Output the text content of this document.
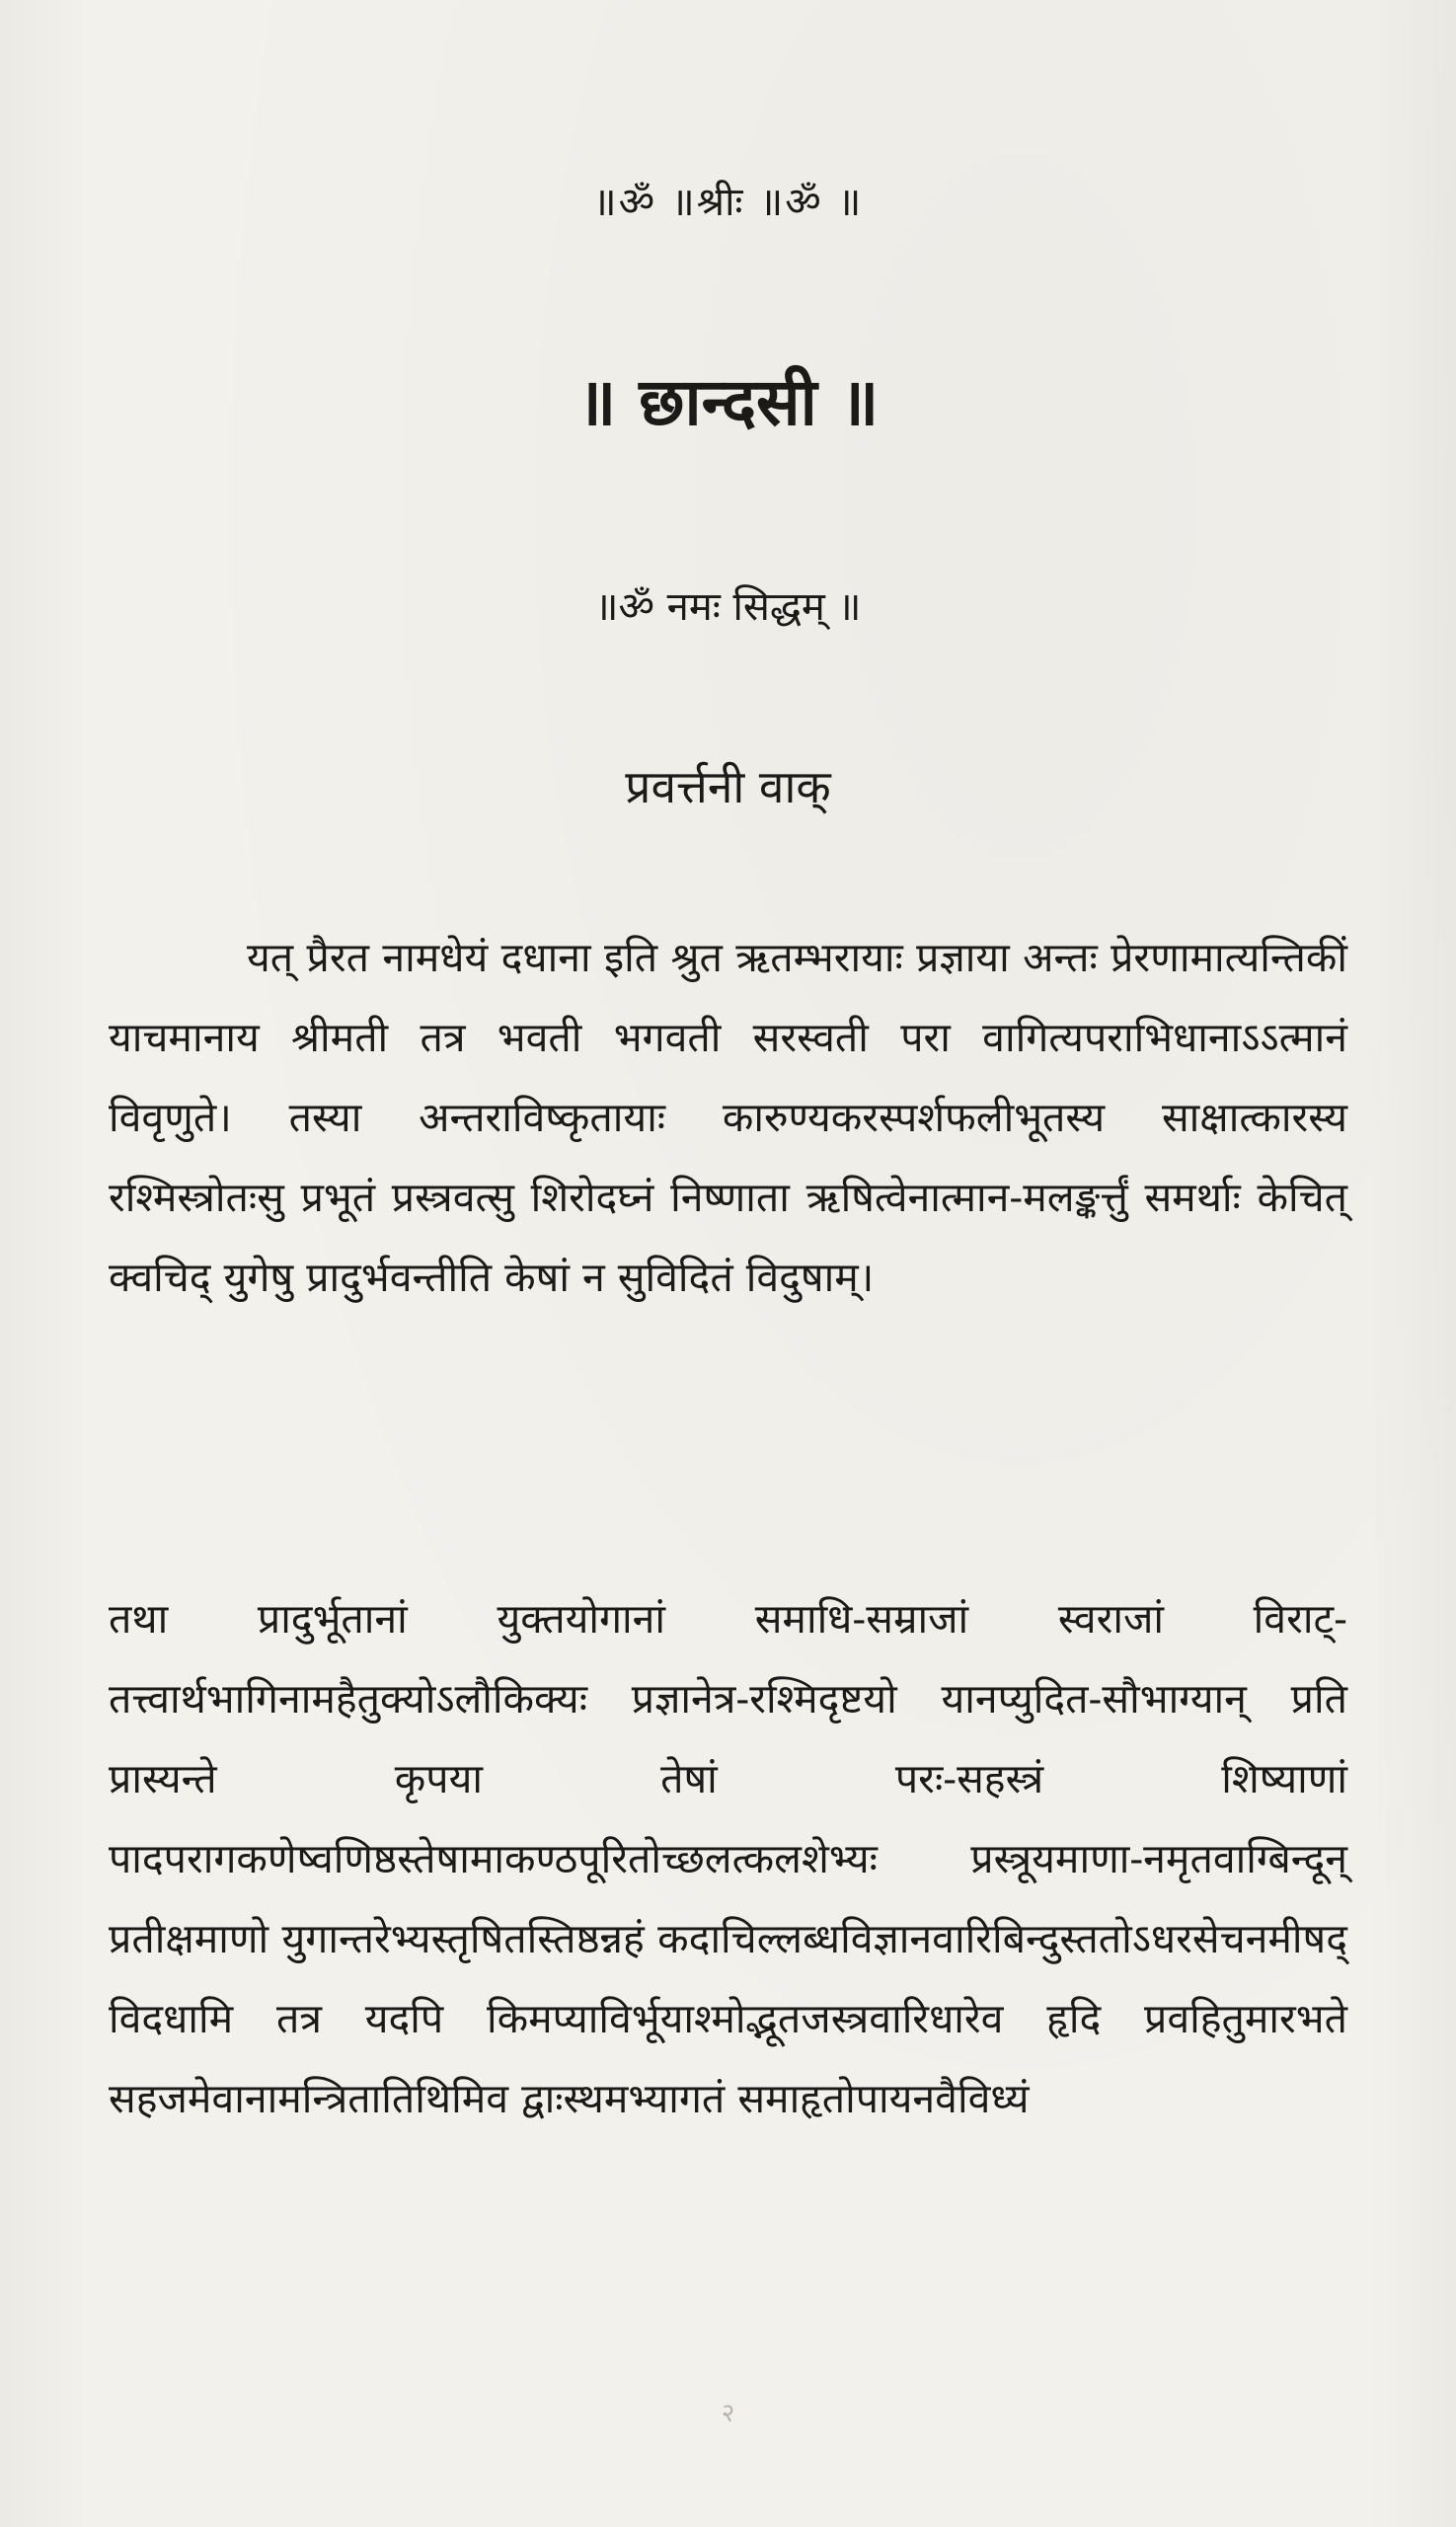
॥ॐ ॥श्रीः ॥ॐ ॥
॥ छान्दसी ॥
॥ॐ नमः सिद्धम् ॥
प्रवर्त्तनी वाक्

यत् प्रैरत नामधेयं दधाना इति श्रुत ऋतम्भरायाः प्रज्ञाया अन्तः प्रेरणामात्यन्तिकीं याचमानाय श्रीमती तत्र भवती भगवती सरस्वती परा वागित्यपराभिधानाऽऽत्मानं विवृणुते। तस्या अन्तराविष्कृतायाः कारुण्यकरस्पर्शफलीभूतस्य साक्षात्कारस्य रश्मिस्त्रोतःसु प्रभूतं प्रस्त्रवत्सु शिरोदघ्नं निष्णाता ऋषित्वेनात्मान-मलङ्कर्त्तुं समर्थाः केचित् क्वचिद् युगेषु प्रादुर्भवन्तीति केषां न सुविदितं विदुषाम्।

तथा प्रादुर्भूतानां युक्तयोगानां समाधि-सम्राजां स्वराजां विराट्-तत्त्वार्थभागिनामहैतुक्योऽलौकिक्यः प्रज्ञानेत्र-रश्मिदृष्टयो यानप्युदित-सौभाग्यान् प्रति प्रास्यन्ते कृपया तेषां परः-सहस्त्रं शिष्याणां पादपरागकणेष्वणिष्ठस्तेषामाकण्ठपूरितोच्छलत्कलशेभ्यः प्रस्त्रूयमाणा-नमृतवाग्बिन्दून् प्रतीक्षमाणो युगान्तरेभ्यस्तृषितस्तिष्ठन्नहं कदाचिल्लब्धविज्ञानवारिबिन्दुस्ततोऽधरसेचनमीषद् विदधामि तत्र यदपि किमप्याविर्भूयाश्मोद्भूतजस्त्रवारिधारेव हृदि प्रवहितुमारभते सहजमेवानामन्त्रितातिथिमिव द्वाःस्थमभ्यागतं समाहृतोपायनवैविध्यं

२
